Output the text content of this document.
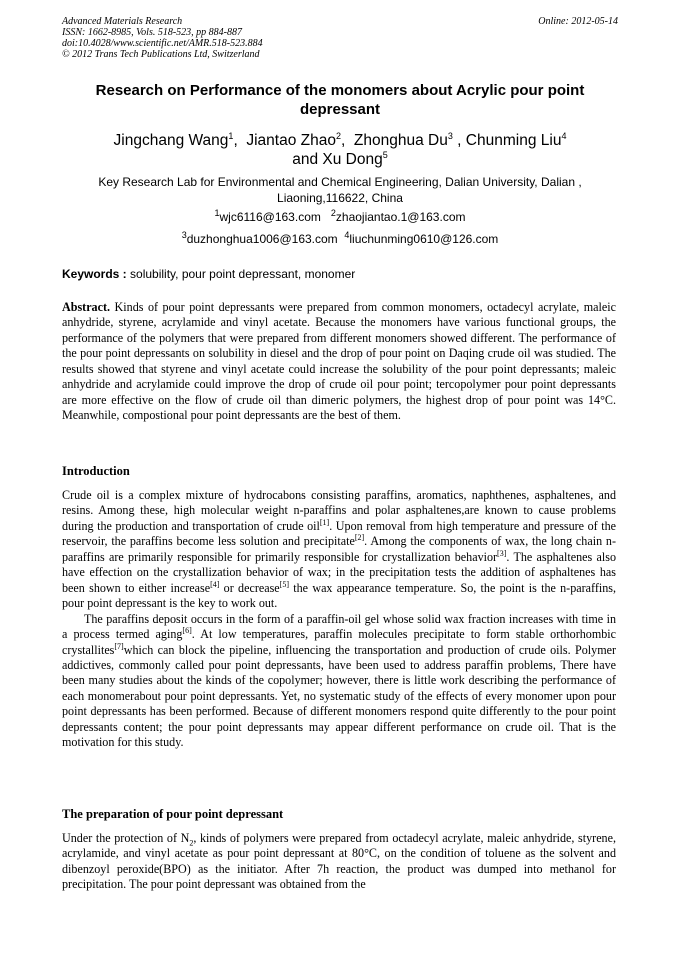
Advanced Materials Research
ISSN: 1662-8985, Vols. 518-523, pp 884-887
doi:10.4028/www.scientific.net/AMR.518-523.884
© 2012 Trans Tech Publications Ltd, Switzerland
Online: 2012-05-14
Research on Performance of the monomers about Acrylic pour point depressant
Jingchang Wang$^1$,  Jiantao Zhao$^2$,  Zhonghua Du$^3$ , Chunming Liu$^4$
and Xu Dong$^5$
Key Research Lab for Environmental and Chemical Engineering, Dalian University, Dalian , Liaoning,116622, China
$^1$wjc6116@163.com $^2$zhaojiantao.1@163.com
$^3$duzhonghua1006@163.com $^4$liuchunming0610@126.com
Keywords : solubility, pour point depressant, monomer

Abstract. Kinds of pour point depressants were prepared from common monomers, octadecyl acrylate, maleic anhydride, styrene, acrylamide and vinyl acetate. Because the monomers have various functional groups, the performance of the polymers that were prepared from different monomers showed different. The performance of the pour point depressants on solubility in diesel and the drop of pour point on Daqing crude oil was studied. The results showed that styrene and vinyl acetate could increase the solubility of the pour point depressants; maleic anhydride and acrylamide could improve the drop of crude oil pour point; tercopolymer pour point depressants are more effective on the flow of crude oil than dimeric polymers, the highest drop of pour point was 14°C. Meanwhile, compostional pour point depressants are the best of them.

Introduction

Crude oil is a complex mixture of hydrocabons consisting paraffins, aromatics, naphthenes, asphaltenes, and resins. Among these, high molecular weight n-paraffins and polar asphaltenes,are known to cause problems during the production and transportation of crude oil[1]. Upon removal from high temperature and pressure of the reservoir, the paraffins become less solution and precipitate[2]. Among the components of wax, the long chain n-paraffins are primarily responsible for primarily responsible for crystallization behavior[3]. The asphaltenes also have effection on the crystallization behavior of wax; in the precipitation tests the addition of asphaltenes has been shown to either increase[4] or decrease[5] the wax appearance temperature. So, the point is the n-paraffins, pour point depressant is the key to work out.

The paraffins deposit occurs in the form of a paraffin-oil gel whose solid wax fraction increases with time in a process termed aging[6]. At low temperatures, paraffin molecules precipitate to form stable orthorhombic crystallites[7]which can block the pipeline, influencing the transportation and production of crude oils. Polymer addictives, commonly called pour point depressants, have been used to address paraffin problems, There have been many studies about the kinds of the copolymer; however, there is little work describing the performance of each monomerabout pour point depressants. Yet, no systematic study of the effects of every monomer upon pour point depressants has been performed. Because of different monomers respond quite differently to the pour point depressants content; the pour point depressants may appear different performance on crude oil. That is the motivation for this study.

The preparation of pour point depressant

Under the protection of $N_2$, kinds of polymers were prepared from octadecyl acrylate, maleic anhydride, styrene, acrylamide, and vinyl acetate as pour point depressant at 80°C, on the condition of toluene as the solvent and dibenzoyl peroxide(BPO) as the initiator. After 7h reaction, the product was dumped into methanol for precipitation. The pour point depressant was obtained from the
